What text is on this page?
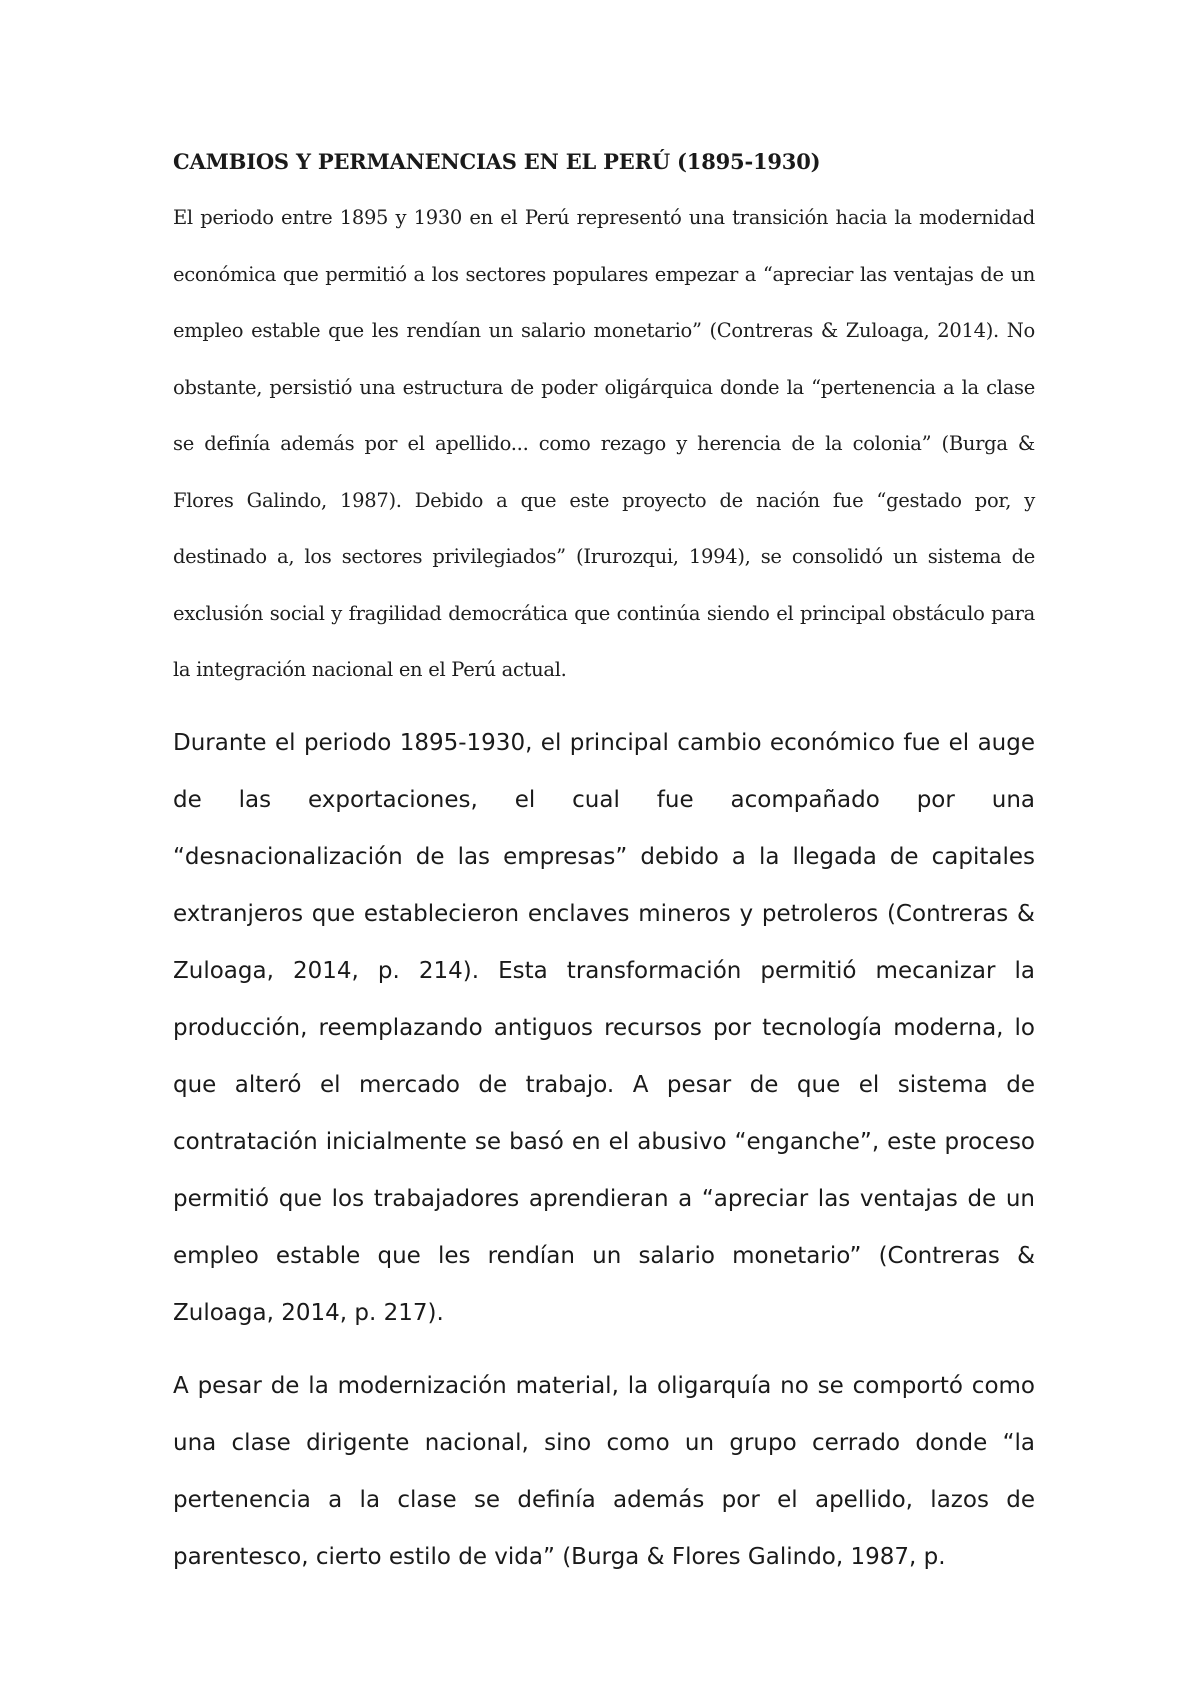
CAMBIOS Y PERMANENCIAS EN EL PERÚ (1895-1930)

El periodo entre 1895 y 1930 en el Perú representó una transición hacia la modernidad económica que permitió a los sectores populares empezar a “apreciar las ventajas de un empleo estable que les rendían un salario monetario” (Contreras & Zuloaga, 2014). No obstante, persistió una estructura de poder oligárquica donde la “pertenencia a la clase se definía además por el apellido... como rezago y herencia de la colonia” (Burga & Flores Galindo, 1987). Debido a que este proyecto de nación fue “gestado por, y destinado a, los sectores privilegiados” (Irurozqui, 1994), se consolidó un sistema de exclusión social y fragilidad democrática que continúa siendo el principal obstáculo para la integración nacional en el Perú actual.

Durante el periodo 1895-1930, el principal cambio económico fue el auge de las exportaciones, el cual fue acompañado por una “desnacionalización de las empresas” debido a la llegada de capitales extranjeros que establecieron enclaves mineros y petroleros (Contreras & Zuloaga, 2014, p. 214). Esta transformación permitió mecanizar la producción, reemplazando antiguos recursos por tecnología moderna, lo que alteró el mercado de trabajo. A pesar de que el sistema de contratación inicialmente se basó en el abusivo “enganche”, este proceso permitió que los trabajadores aprendieran a “apreciar las ventajas de un empleo estable que les rendían un salario monetario” (Contreras & Zuloaga, 2014, p. 217).

A pesar de la modernización material, la oligarquía no se comportó como una clase dirigente nacional, sino como un grupo cerrado donde “la pertenencia a la clase se definía además por el apellido, lazos de parentesco, cierto estilo de vida” (Burga & Flores Galindo, 1987, p.
